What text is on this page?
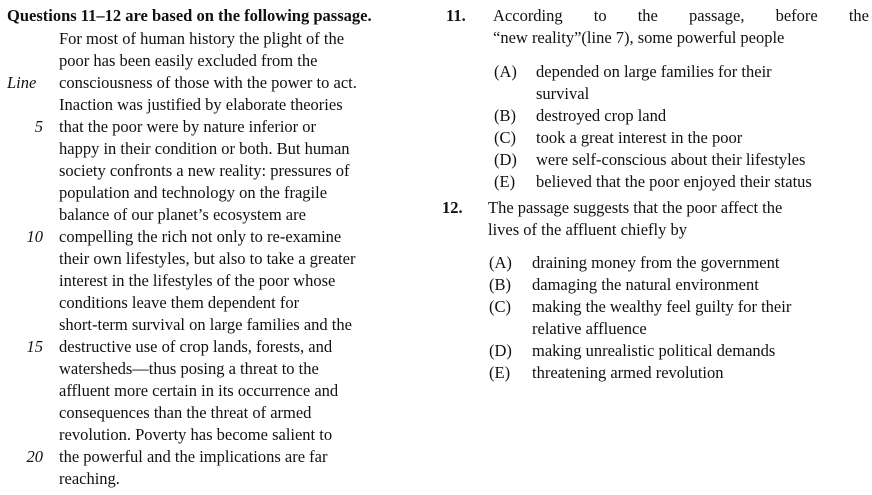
Questions 11–12 are based on the following passage.
For most of human history the plight of the
poor has been easily excluded from the
Line	consciousness of those with the power to act.
Inaction was justified by elaborate theories
5 that the poor were by nature inferior or
happy in their condition or both. But human
society confronts a new reality: pressures of
population and technology on the fragile
balance of our planet’s ecosystem are
10 compelling the rich not only to re-examine
their own lifestyles, but also to take a greater
interest in the lifestyles of the poor whose
conditions leave them dependent for
short-term survival on large families and the
15 destructive use of crop lands, forests, and
watersheds—thus posing a threat to the
affluent more certain in its occurrence and
consequences than the threat of armed
revolution. Poverty has become salient to
20 the powerful and the implications are far
reaching.
11. According to the passage, before the
“new reality”(line 7), some powerful people
(A) depended on large families for their
survival
(B) destroyed crop land
(C) took a great interest in the poor
(D) were self-conscious about their lifestyles
(E) believed that the poor enjoyed their status
12. The passage suggests that the poor affect the
lives of the affluent chiefly by
(A) draining money from the government
(B) damaging the natural environment
(C) making the wealthy feel guilty for their
relative affluence
(D) making unrealistic political demands
(E) threatening armed revolution
